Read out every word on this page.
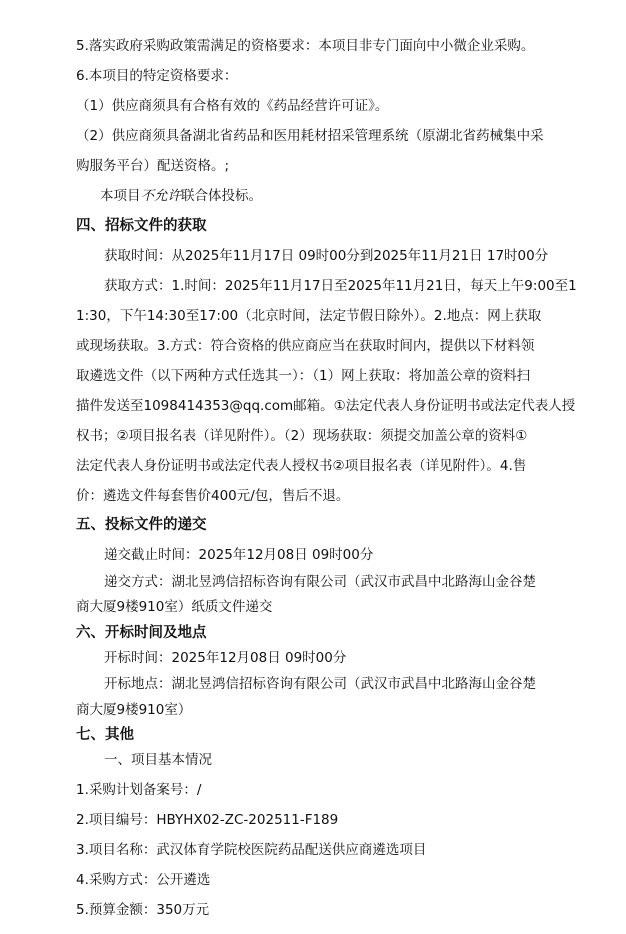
5.落实政府采购政策需满足的资格要求：本项目非专门面向中小微企业采购。

6.本项目的特定资格要求：

（1）供应商须具有合格有效的《药品经营许可证》。

（2）供应商须具备湖北省药品和医用耗材招采管理系统（原湖北省药械集中采

购服务平台）配送资格。;

本项目不允许联合体投标。

四、招标文件的获取

获取时间：从2025年11月17日 09时00分到2025年11月21日 17时00分

获取方式：1.时间：2025年11月17日至2025年11月21日，每天上午9:00至1

1:30，下午14:30至17:00（北京时间，法定节假日除外）。2.地点：网上获取

或现场获取。3.方式：符合资格的供应商应当在获取时间内，提供以下材料领

取遴选文件（以下两种方式任选其一）：（1）网上获取：将加盖公章的资料扫

描件发送至1098414353@qq.com邮箱。①法定代表人身份证明书或法定代表人授

权书；②项目报名表（详见附件）。（2）现场获取：须提交加盖公章的资料①

法定代表人身份证明书或法定代表人授权书②项目报名表（详见附件）。4.售

价：遴选文件每套售价400元/包，售后不退。

五、投标文件的递交

递交截止时间：2025年12月08日 09时00分

递交方式：湖北昱鸿信招标咨询有限公司（武汉市武昌中北路海山金谷楚

商大厦9楼910室）纸质文件递交

六、开标时间及地点

开标时间：2025年12月08日 09时00分

开标地点：湖北昱鸿信招标咨询有限公司（武汉市武昌中北路海山金谷楚

商大厦9楼910室）

七、其他

一、项目基本情况

1.采购计划备案号：/

2.项目编号：HBYHX02-ZC-202511-F189

3.项目名称：武汉体育学院校医院药品配送供应商遴选项目

4.采购方式：公开遴选

5.预算金额：350万元
